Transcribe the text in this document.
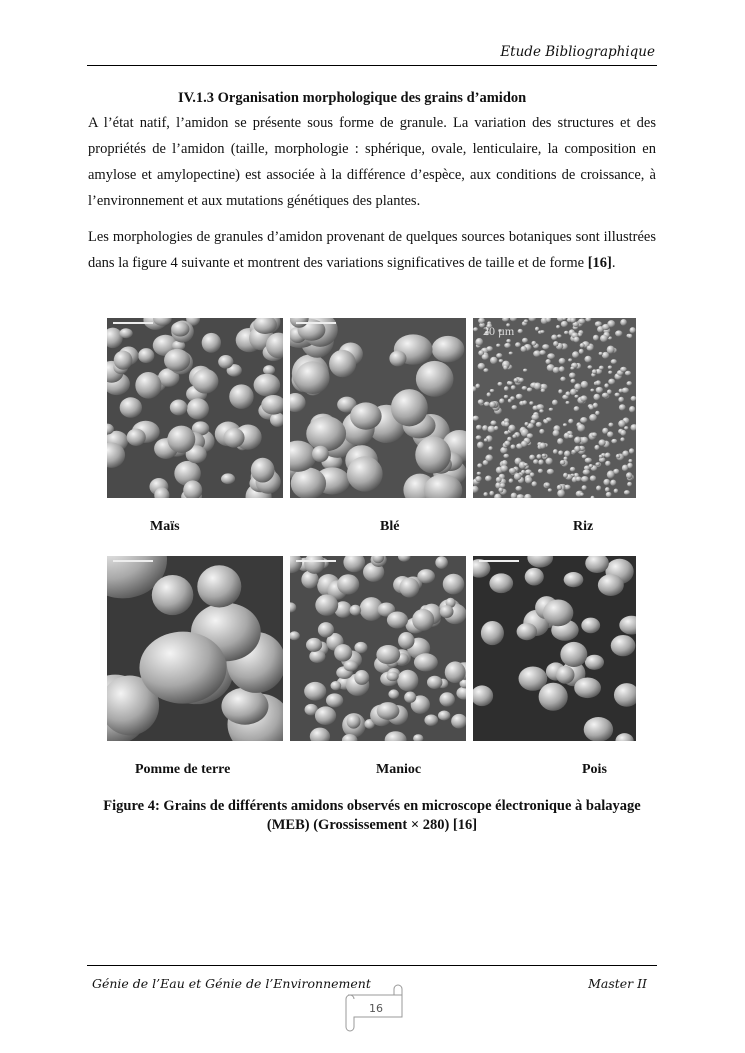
Etude Bibliographique
IV.1.3 Organisation morphologique des grains d’amidon
A l’état natif, l’amidon se présente sous forme de granule. La variation des structures et des propriétés de l’amidon (taille, morphologie : sphérique, ovale, lenticulaire, la composition en amylose et amylopectine) est associée à la différence d’espèce, aux conditions de croissance, à l’environnement et aux mutations génétiques des plantes.
Les morphologies de granules d’amidon provenant de quelques sources botaniques sont illustrées dans la figure 4 suivante et montrent des variations significatives de taille et de forme [16].
20 µm
Maïs	Blé	Riz
Pomme de terre	Manioc	Pois
Figure 4: Grains de différents amidons observés en microscope électronique à balayage
(MEB) (Grossissement × 280) [16]
Génie de l’Eau et Génie de l’Environnement	Master II
16
